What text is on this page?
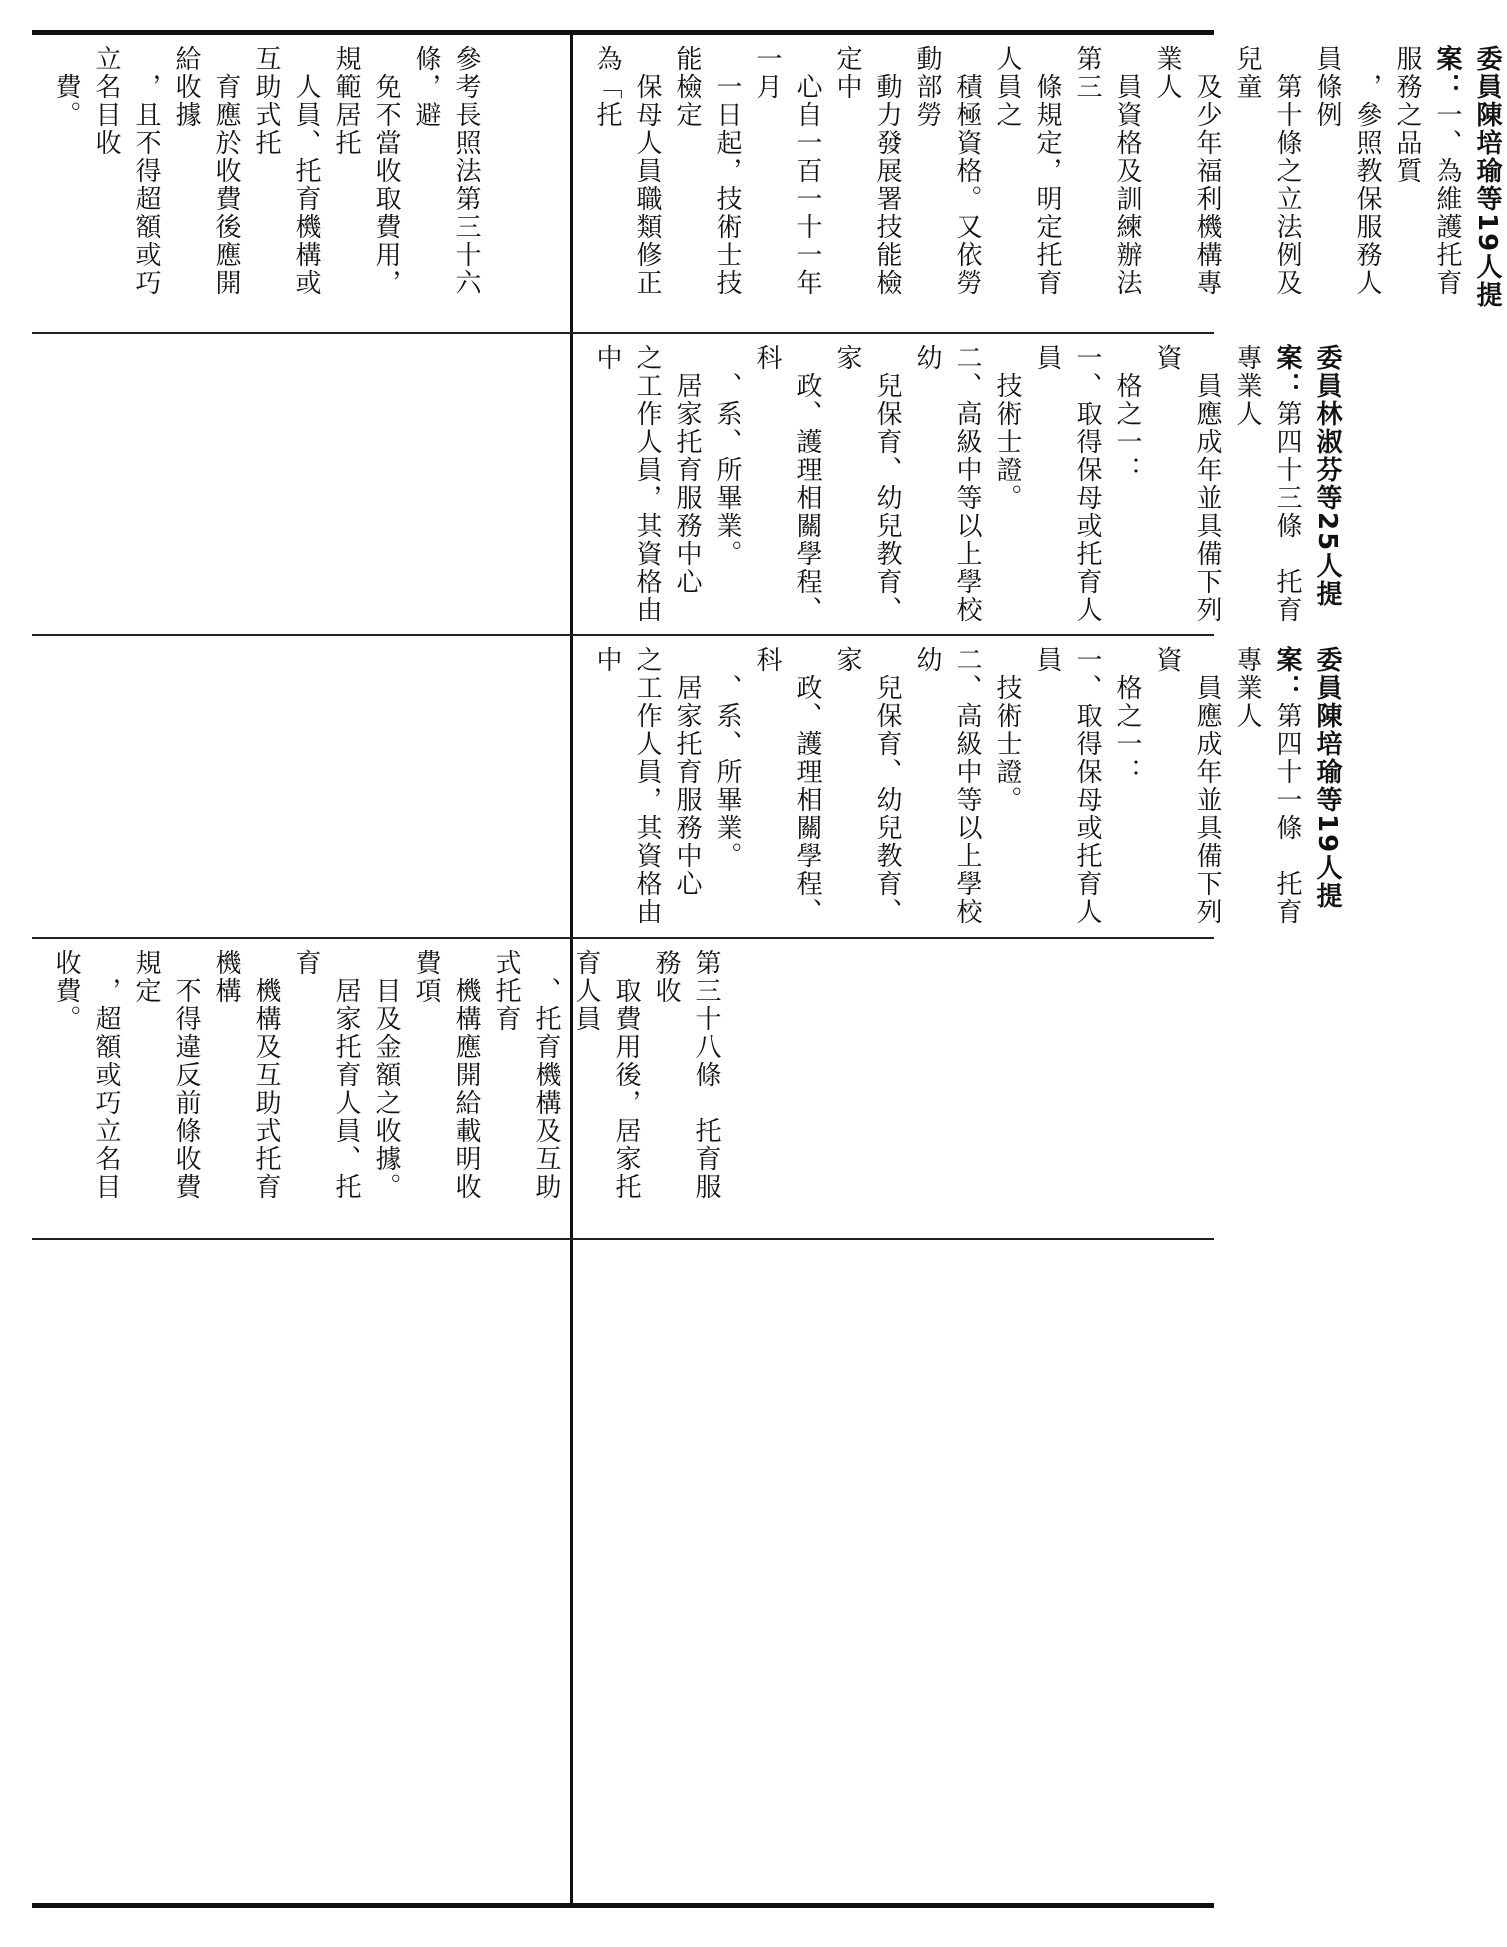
參考長照法第三十六條，避
　免不當收取費用，規範居托
　人員、托育機構或互助式托
　育應於收費後應開給收據
　，且不得超額或巧立名目收
　費。	委員陳培瑜等19人提案：一、為維護托育服務之品質
　，參照教保服務人員條例
　第十條之立法例及兒童
　及少年福利機構專業人
　員資格及訓練辦法第三
　條規定，明定托育人員之
　積極資格。又依勞動部勞
　動力發展署技能檢定中
　心自一百一十一年一月
　一日起，技術士技能檢定
　保母人員職類修正為「托
委員林淑芬等25人提案：第四十三條　托育專業人
　員應成年並具備下列資
　格之一：
一、取得保母或托育人員
　技術士證。
二、高級中等以上學校幼
　兒保育、幼兒教育、家
　政、護理相關學程、科
　、系、所畢業。
　居家托育服務中心
之工作人員，其資格由中
委員陳培瑜等19人提案：第四十一條　托育專業人
　員應成年並具備下列資
　格之一：
一、取得保母或托育人員
　技術士證。
二、高級中等以上學校幼
　兒保育、幼兒教育、家
　政、護理相關學程、科
　、系、所畢業。
　居家托育服務中心
之工作人員，其資格由中
第三十八條　托育服務收
　取費用後，居家托育人員
　、托育機構及互助式托育
　機構應開給載明收費項
　目及金額之收據。
　居家托育人員、托育
　機構及互助式托育機構
　不得違反前條收費規定
　，超額或巧立名目收費。
